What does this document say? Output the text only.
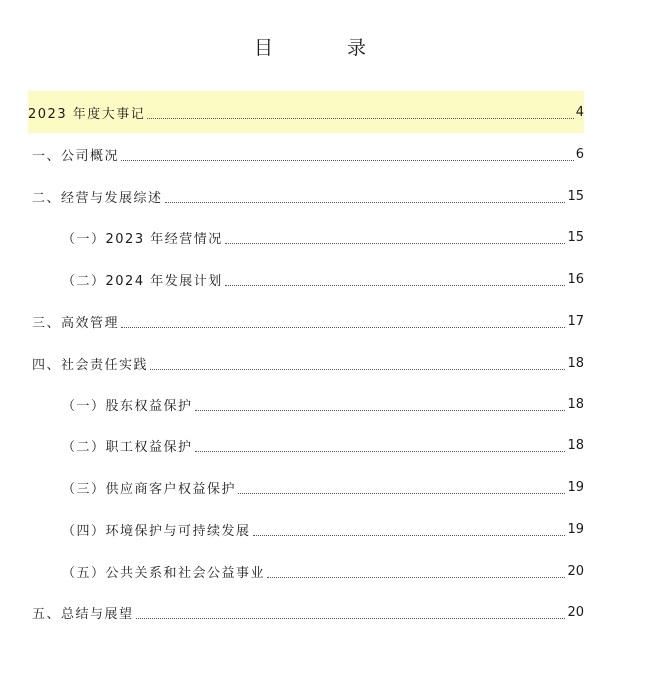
目 录
2023 年度大事记	4
一、公司概况	6
二、经营与发展综述	15
（一）2023 年经营情况	15
（二）2024 年发展计划	16
三、高效管理	17
四、社会责任实践	18
（一）股东权益保护	18
（二）职工权益保护	18
（三）供应商客户权益保护	19
（四）环境保护与可持续发展	19
（五）公共关系和社会公益事业	20
五、总结与展望	20
